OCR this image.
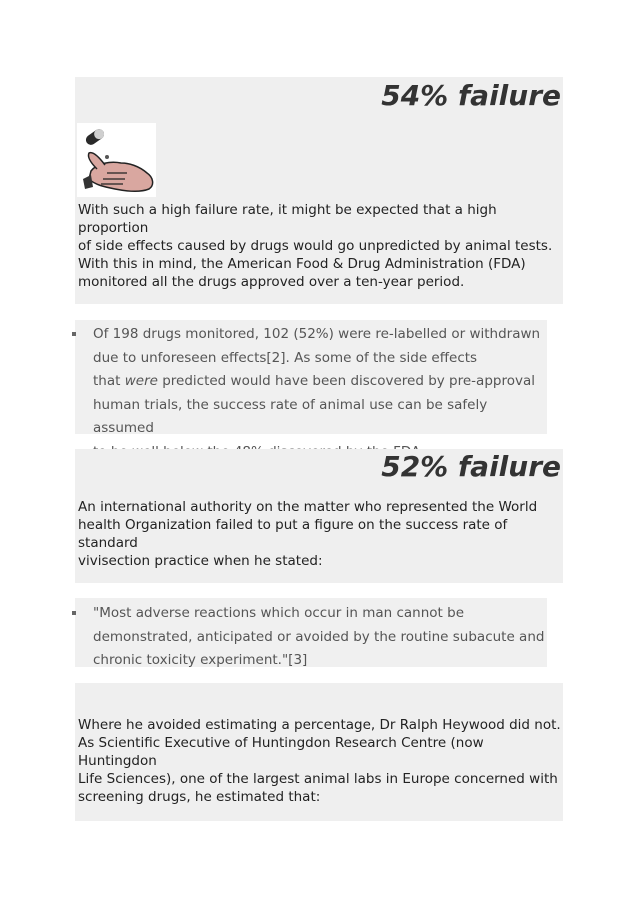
54% failure

With such a high failure rate, it might be expected that a high proportion
of side effects caused by drugs would go unpredicted by animal tests.
With this in mind, the American Food & Drug Administration (FDA)
monitored all the drugs approved over a ten-year period.

Of 198 drugs monitored, 102 (52%) were re-labelled or withdrawn
due to unforeseen effects[2]. As some of the side effects
that were predicted would have been discovered by pre-approval
human trials, the success rate of animal use can be safely assumed

52% failure

An international authority on the matter who represented the World
health Organization failed to put a figure on the success rate of standard
vivisection practice when he stated:

"Most adverse reactions which occur in man cannot be
demonstrated, anticipated or avoided by the routine subacute and
chronic toxicity experiment."[3]

Where he avoided estimating a percentage, Dr Ralph Heywood did not.
As Scientific Executive of Huntingdon Research Centre (now Huntingdon
Life Sciences), one of the largest animal labs in Europe concerned with
screening drugs, he estimated that:
